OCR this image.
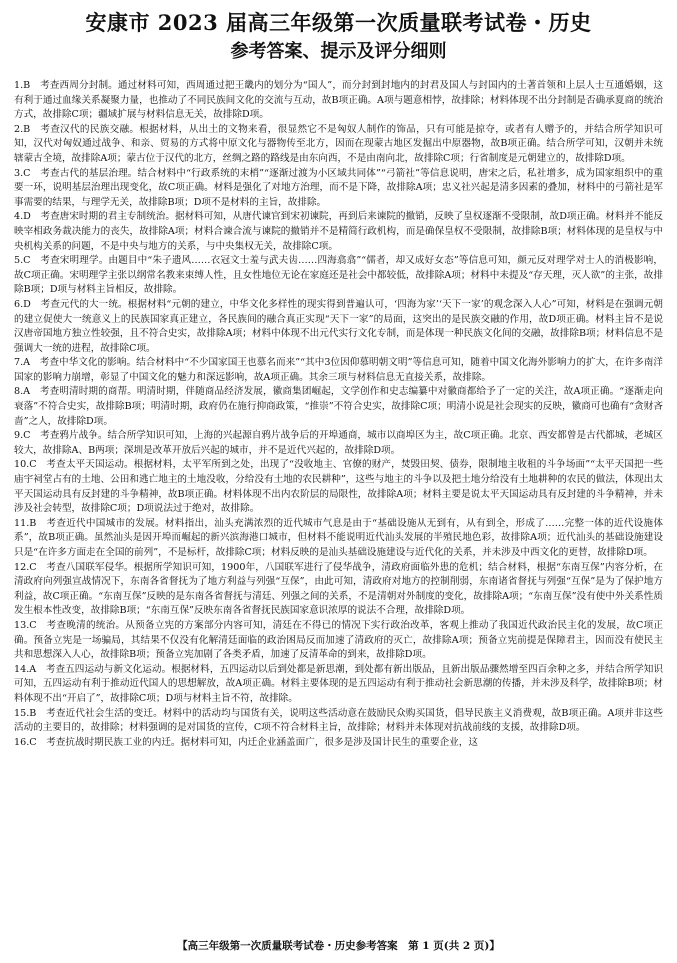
安康市 2023 届高三年级第一次质量联考试卷・历史
参考答案、提示及评分细则

1.B　考查西周分封制。通过材料可知，西周通过把王畿内的划分为“国人”，而分封到封地内的封君及国人与封国内的土著首领和上层人士互通婚姻，这有利于通过血缘关系凝聚力量，也推动了不同民族间文化的交流与互动，故B项正确。A项与题意相悖，故排除；材料体现不出分封制是否确承夏商的统治方式，故排除C项；疆域扩展与材料信息无关，故排除D项。

2.B　考查汉代的民族交融。根据材料，从出土的文物来看，很显然它不是匈奴人制作的饰品，只有可能是掠夺，或者有人赠予的，并结合所学知识可知，汉代对匈奴通过战争、和亲、贸易的方式将中原文化与器物传至北方，因而在现蒙古地区发掘出中原器物，故B项正确。结合所学可知，汉朝并未统辖蒙古全境，故排除A项；蒙古位于汉代的北方，丝绸之路的路线是由东向西，不是由南向北，故排除C项；行省制度是元朝建立的，故排除D项。

3.C　考查古代的基层治理。结合材料中“行政系统的末梢”“逐渐过渡为小区域共同体”“弓箭社”等信息说明，唐宋之后，私社增多，成为国家组织中的重要一环，说明基层治理出现变化，故C项正确。材料是强化了对地方治理，而不是下降，故排除A项；忠义社兴起是清多因素的叠加，材料中的弓箭社是军事需要的结果，与理学无关，故排除B项；D项不是材料的主旨，故排除。

4.D　考查唐宋时期的君主专制统治。据材料可知，从唐代谏官到宋初谏院，再到后来谏院的撤销，反映了皇权逐渐不受限制，故D项正确。材料并不能反映宰相政务裁决能力的丧失，故排除A项；材料合谏合流与谏院的撤销并不是精简行政机构，而是确保皇权不受限制，故排除B项；材料体现的是皇权与中央机构关系的问题，不是中央与地方的关系，与中央集权无关，故排除C项。

5.C　考查宋明理学。由题目中“朱子遗风……衣冠文士羞与武夫齿……四海翕翕”“儒者，却又成好女态”等信息可知，颜元反对理学对士人的消极影响，故C项正确。宋明理学主张以纲常名教来束缚人性，且女性地位无论在家庭还是社会中都较低，故排除A项；材料中未提及“存天理，灭人欲”的主张，故排除B项；D项与材料主旨相反，故排除。

6.D　考查元代的大一统。根据材料“元朝的建立，中华文化多样性的现实得到普遍认可，‘四海为家’‘天下一家’的观念深入人心”可知，材料是在强调元朝的建立促使大一统意义上的民族国家真正建立，各民族间的融合真正实现“天下一家”的局面，这突出的是民族交融的作用，故D项正确。材料主旨不是说汉唐帝国地方独立性较强，且不符合史实，故排除A项；材料中体现不出元代实行文化专制，而是体现一种民族文化间的交融，故排除B项；材料信息不是强调大一统的进程，故排除C项。

7.A　考查中华文化的影响。结合材料中“不少国家国王也慕名而来”“其中3位因仰慕明朝文明”等信息可知，随着中国文化海外影响力的扩大，在许多南洋国家的影响力崩增，彰显了中国文化的魅力和深远影响，故A项正确。其余三项与材料信息无直接关系，故排除。

8.A　考查明清时期的商帮。明清时期，伴随商品经济发展，徽商集团崛起，文学创作和史志编纂中对徽商都给予了一定的关注，故A项正确。“逐渐走向衰落”不符合史实，故排除B项；明清时期，政府仍在施行抑商政策，“推崇”不符合史实，故排除C项；明清小说是社会现实的反映，徽商可也确有“贪财吝啬”之人，故排除D项。

9.C　考查鸦片战争。结合所学知识可知，上海的兴起源自鸦片战争后的开埠通商，城市以商埠区为主，故C项正确。北京、西安都曾是古代都城，老城区较大，故排除A、B两项；深圳是改革开放后兴起的城市，并不是近代兴起的，故排除D项。

10.C　考查太平天国运动。根据材料，太平军所到之处，出现了“没收地主、官僚的财产，焚毁田契、债券，限制地主收租的斗争场面”“太平天国把一些庙宇祠堂占有的土地、公田和逃亡地主的土地没收，分给没有土地的农民耕种”，这些与地主的斗争以及把土地分给没有土地耕种的农民的做法，体现出太平天国运动具有反封建的斗争精神，故B项正确。材料体现不出内农阶层的局限性，故排除A项；材料主要是说太平天国运动具有反封建的斗争精神，并未涉及社会转型，故排除C项；D项说法过于绝对，故排除。

11.B　考查近代中国城市的发展。材料指出，汕头充满浓烈的近代城市气息是由于“基础设施从无到有，从有到全，形成了……完整一体的近代设施体系”，故B项正确。虽然汕头是因开埠而崛起的新兴滨海港口城市，但材料不能说明近代汕头发展的半殖民地色彩，故排除A项；近代汕头的基础设施建设只是“在许多方面走在全国的前列”，不是标杆，故排除C项；材料反映的是汕头基础设施建设与近代化的关系，并未涉及中西文化的更替，故排除D项。

12.C　考查八国联军侵华。根据所学知识可知，1900年，八国联军进行了侵华战争，清政府面临外患的危机；结合材料，根据“东南互保”内容分析，在清政府向列强宣战情况下，东南各省督抚为了地方利益与列强“互保”，由此可知，清政府对地方的控制削弱，东南诸省督抚与列强“互保”是为了保护地方利益，故C项正确。“东南互保”反映的是东南各省督抚与清廷、列强之间的关系，不是清朝对外制度的变化，故排除A项；“东南互保”没有使中外关系性质发生根本性改变，故排除B项；“东南互保”反映东南各省督抚民族国家意识浓厚的说法不合理，故排除D项。

13.C　考查晚清的统治。从预备立宪的方案部分内容可知，清廷在不得已的情况下实行政治改革，客观上推动了我国近代政治民主化的发展，故C项正确。预备立宪是一场骗局，其结果不仅没有化解清廷面临的政治困局反而加速了清政府的灭亡，故排除A项；预备立宪前提是保障君主，因而没有使民主共和思想深入人心，故排除B项；预备立宪加剧了各类矛盾，加速了反清革命的到来，故排除D项。

14.A　考查五四运动与新文化运动。根据材料，五四运动以后到处都是新思潮，到处都有新出版品，且新出版品骤然增至四百余种之多，并结合所学知识可知，五四运动有利于推动近代国人的思想解放，故A项正确。材料主要体现的是五四运动有利于推动社会新思潮的传播，并未涉及科学，故排除B项；材料体现不出“开启了”，故排除C项；D项与材料主旨不符，故排除。

15.B　考查近代社会生活的变迁。材料中的活动均与国货有关，说明这些活动意在鼓励民众购买国货，倡导民族主义消费观，故B项正确。A项并非这些活动的主要目的，故排除；材料强调的是对国货的宣传，C项不符合材料主旨，故排除；材料并未体现对抗战前线的支援，故排除D项。

16.C　考查抗战时期民族工业的内迁。据材料可知，内迁企业涵盖面广，很多是涉及国计民生的重要企业，这

【高三年级第一次质量联考试卷・历史参考答案　第 1 页(共 2 页)】
